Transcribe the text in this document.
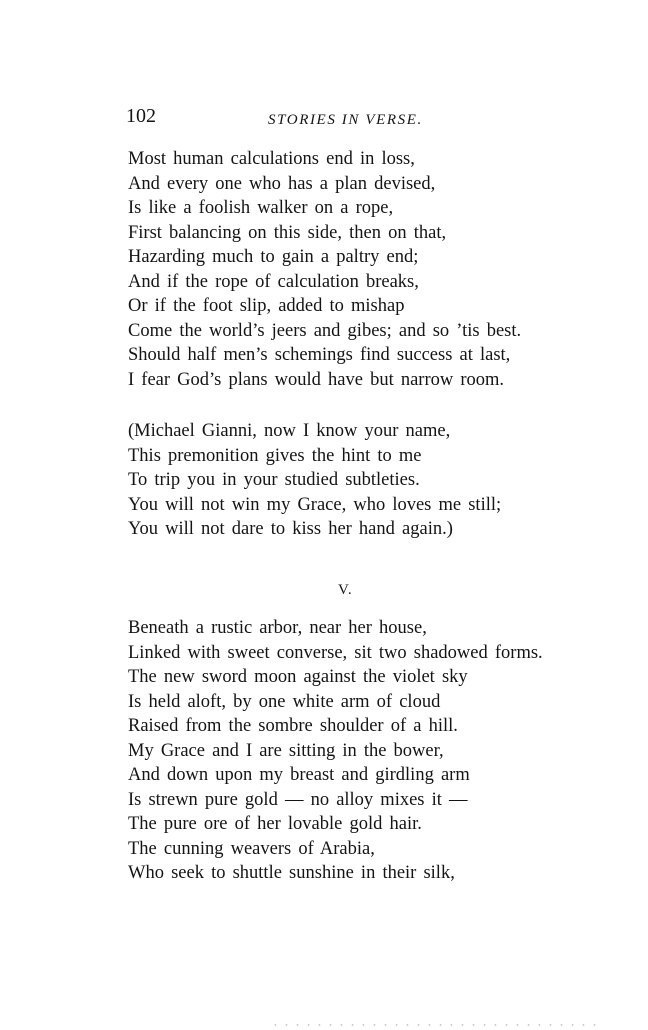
102	STORIES IN VERSE.

Most human calculations end in loss,
And every one who has a plan devised,
Is like a foolish walker on a rope,
First balancing on this side, then on that,
Hazarding much to gain a paltry end;
And if the rope of calculation breaks,
Or if the foot slip, added to mishap
Come the world’s jeers and gibes; and so ’tis best.
Should half men’s schemings find success at last,
I fear God’s plans would have but narrow room.
(Michael Gianni, now I know your name,
This premonition gives the hint to me
To trip you in your studied subtleties.
You will not win my Grace, who loves me still;
You will not dare to kiss her hand again.)

V.

Beneath a rustic arbor, near her house,
Linked with sweet converse, sit two shadowed forms.
The new sword moon against the violet sky
Is held aloft, by one white arm of cloud
Raised from the sombre shoulder of a hill.
My Grace and I are sitting in the bower,
And down upon my breast and girdling arm
Is strewn pure gold — no alloy mixes it —
The pure ore of her lovable gold hair.
The cunning weavers of Arabia,
Who seek to shuttle sunshine in their silk,
